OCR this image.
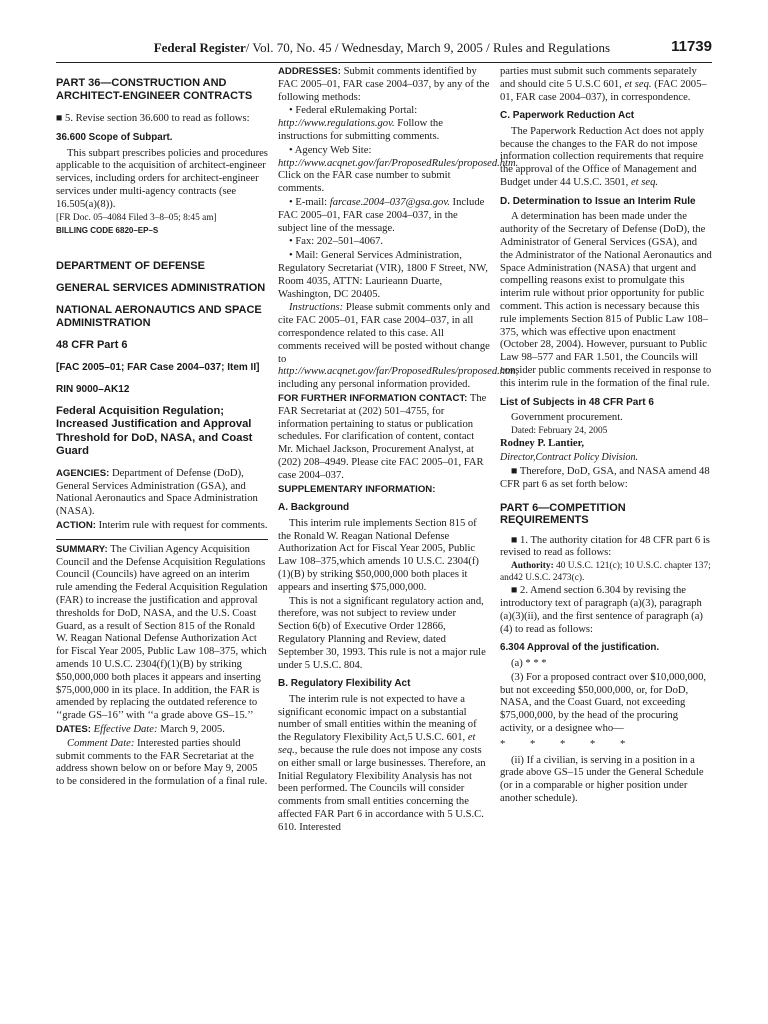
Federal Register/ Vol. 70, No. 45 / Wednesday, March 9, 2005 / Rules and Regulations	11739

PART 36—CONSTRUCTION AND ARCHITECT-ENGINEER CONTRACTS

■ 5. Revise section 36.600 to read as follows:

36.600 Scope of Subpart.

This subpart prescribes policies and procedures applicable to the acquisition of architect-engineer services, including orders for architect-engineer services under multi-agency contracts (see 16.505(a)(8)).

[FR Doc. 05–4084 Filed 3–8–05; 8:45 am]

BILLING CODE 6820–EP–S

DEPARTMENT OF DEFENSE

GENERAL SERVICES ADMINISTRATION

NATIONAL AERONAUTICS AND SPACE ADMINISTRATION

48 CFR Part 6

[FAC 2005–01; FAR Case 2004–037; Item II]

RIN 9000–AK12

Federal Acquisition Regulation; Increased Justification and Approval Threshold for DoD, NASA, and Coast Guard

AGENCIES: Department of Defense (DoD), General Services Administration (GSA), and National Aeronautics and Space Administration (NASA).

ACTION: Interim rule with request for comments.

SUMMARY: The Civilian Agency Acquisition Council and the Defense Acquisition Regulations Council (Councils) have agreed on an interim rule amending the Federal Acquisition Regulation (FAR) to increase the justification and approval thresholds for DoD, NASA, and the U.S. Coast Guard, as a result of Section 815 of the Ronald W. Reagan National Defense Authorization Act for Fiscal Year 2005, Public Law 108–375, which amends 10 U.S.C. 2304(f)(1)(B) by striking $50,000,000 both places it appears and inserting $75,000,000 in its place. In addition, the FAR is amended by replacing the outdated reference to ‘‘grade GS–16’’ with ‘‘a grade above GS–15.’’

DATES: Effective Date: March 9, 2005.

Comment Date: Interested parties should submit comments to the FAR Secretariat at the address shown below on or before May 9, 2005 to be considered in the formulation of a final rule.

ADDRESSES: Submit comments identified by FAC 2005–01, FAR case 2004–037, by any of the following methods:

• Federal eRulemaking Portal: http://www.regulations.gov. Follow the instructions for submitting comments.

• Agency Web Site: http://www.acqnet.gov/far/ProposedRules/proposed.htm. Click on the FAR case number to submit comments.

• E-mail: farcase.2004–037@gsa.gov. Include FAC 2005–01, FAR case 2004–037, in the subject line of the message.

• Fax: 202–501–4067.

• Mail: General Services Administration, Regulatory Secretariat (VIR), 1800 F Street, NW, Room 4035, ATTN: Laurieann Duarte, Washington, DC 20405.

Instructions: Please submit comments only and cite FAC 2005–01, FAR case 2004–037, in all correspondence related to this case. All comments received will be posted without change to http://www.acqnet.gov/far/ProposedRules/proposed.htm, including any personal information provided.

FOR FURTHER INFORMATION CONTACT: The FAR Secretariat at (202) 501–4755, for information pertaining to status or publication schedules. For clarification of content, contact Mr. Michael Jackson, Procurement Analyst, at (202) 208–4949. Please cite FAC 2005–01, FAR case 2004–037.

SUPPLEMENTARY INFORMATION:

A. Background

This interim rule implements Section 815 of the Ronald W. Reagan National Defense Authorization Act for Fiscal Year 2005, Public Law 108–375,which amends 10 U.S.C. 2304(f)(1)(B) by striking $50,000,000 both places it appears and inserting $75,000,000.

This is not a significant regulatory action and, therefore, was not subject to review under Section 6(b) of Executive Order 12866, Regulatory Planning and Review, dated September 30, 1993. This rule is not a major rule under 5 U.S.C. 804.

B. Regulatory Flexibility Act

The interim rule is not expected to have a significant economic impact on a substantial number of small entities within the meaning of the Regulatory Flexibility Act,5 U.S.C. 601, et seq., because the rule does not impose any costs on either small or large businesses. Therefore, an Initial Regulatory Flexibility Analysis has not been performed. The Councils will consider comments from small entities concerning the affected FAR Part 6 in accordance with 5 U.S.C. 610. Interested

parties must submit such comments separately and should cite 5 U.S.C 601, et seq. (FAC 2005–01, FAR case 2004–037), in correspondence.

C. Paperwork Reduction Act

The Paperwork Reduction Act does not apply because the changes to the FAR do not impose information collection requirements that require the approval of the Office of Management and Budget under 44 U.S.C. 3501, et seq.

D. Determination to Issue an Interim Rule

A determination has been made under the authority of the Secretary of Defense (DoD), the Administrator of General Services (GSA), and the Administrator of the National Aeronautics and Space Administration (NASA) that urgent and compelling reasons exist to promulgate this interim rule without prior opportunity for public comment. This action is necessary because this rule implements Section 815 of Public Law 108–375, which was effective upon enactment (October 28, 2004). However, pursuant to Public Law 98–577 and FAR 1.501, the Councils will consider public comments received in response to this interim rule in the formation of the final rule.

List of Subjects in 48 CFR Part 6

Government procurement.

Dated: February 24, 2005

Rodney P. Lantier,

Director,Contract Policy Division.

■ Therefore, DoD, GSA, and NASA amend 48 CFR part 6 as set forth below:

PART 6—COMPETITION REQUIREMENTS

■ 1. The authority citation for 48 CFR part 6 is revised to read as follows:

Authority: 40 U.S.C. 121(c); 10 U.S.C. chapter 137; and42 U.S.C. 2473(c).

■ 2. Amend section 6.304 by revising the introductory text of paragraph (a)(3), paragraph (a)(3)(ii), and the first sentence of paragraph (a)(4) to read as follows:

6.304 Approval of the justification.

(a) * * *

(3) For a proposed contract over $10,000,000, but not exceeding $50,000,000, or, for DoD, NASA, and the Coast Guard, not exceeding $75,000,000, by the head of the procuring activity, or a designee who—

* * * * *

(ii) If a civilian, is serving in a position in a grade above GS–15 under the General Schedule (or in a comparable or higher position under another schedule).
